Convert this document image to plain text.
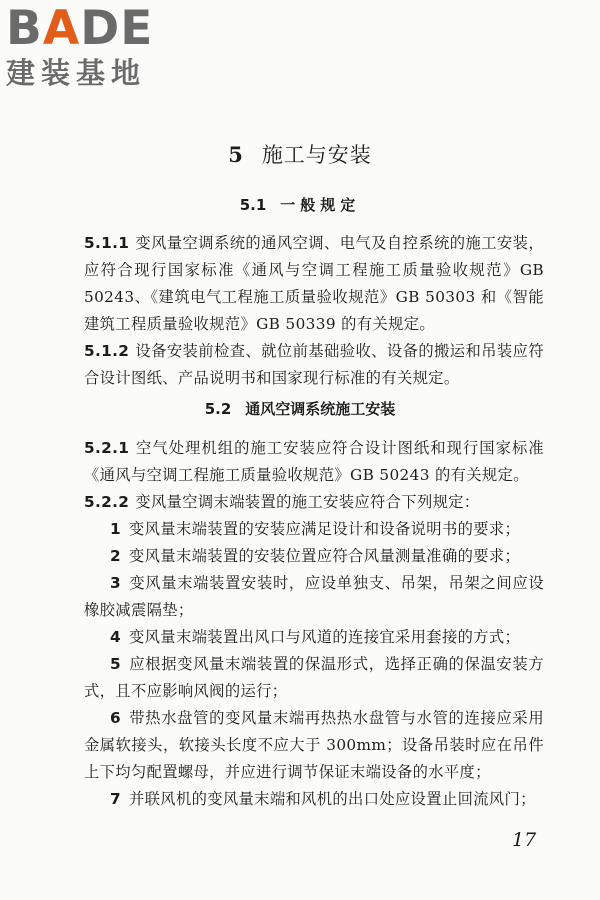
BADE
建装基地
5 施工与安装
5.1 一般规定
5.1.1 变风量空调系统的通风空调、电气及自控系统的施工安装，应符合现行国家标准《通风与空调工程施工质量验收规范》GB 50243、《建筑电气工程施工质量验收规范》GB 50303 和《智能建筑工程质量验收规范》GB 50339 的有关规定。
5.1.2 设备安装前检查、就位前基础验收、设备的搬运和吊装应符合设计图纸、产品说明书和国家现行标准的有关规定。
5.2 通风空调系统施工安装
5.2.1 空气处理机组的施工安装应符合设计图纸和现行国家标准《通风与空调工程施工质量验收规范》GB 50243 的有关规定。
5.2.2 变风量空调末端装置的施工安装应符合下列规定：
1 变风量末端装置的安装应满足设计和设备说明书的要求；
2 变风量末端装置的安装位置应符合风量测量准确的要求；
3 变风量末端装置安装时，应设单独支、吊架，吊架之间应设橡胶减震隔垫；
4 变风量末端装置出风口与风道的连接宜采用套接的方式；
5 应根据变风量末端装置的保温形式，选择正确的保温安装方式，且不应影响风阀的运行；
6 带热水盘管的变风量末端再热热水盘管与水管的连接应采用金属软接头，软接头长度不应大于 300mm；设备吊装时应在吊件上下均匀配置螺母，并应进行调节保证末端设备的水平度；
7 并联风机的变风量末端和风机的出口处应设置止回流风门；
17
